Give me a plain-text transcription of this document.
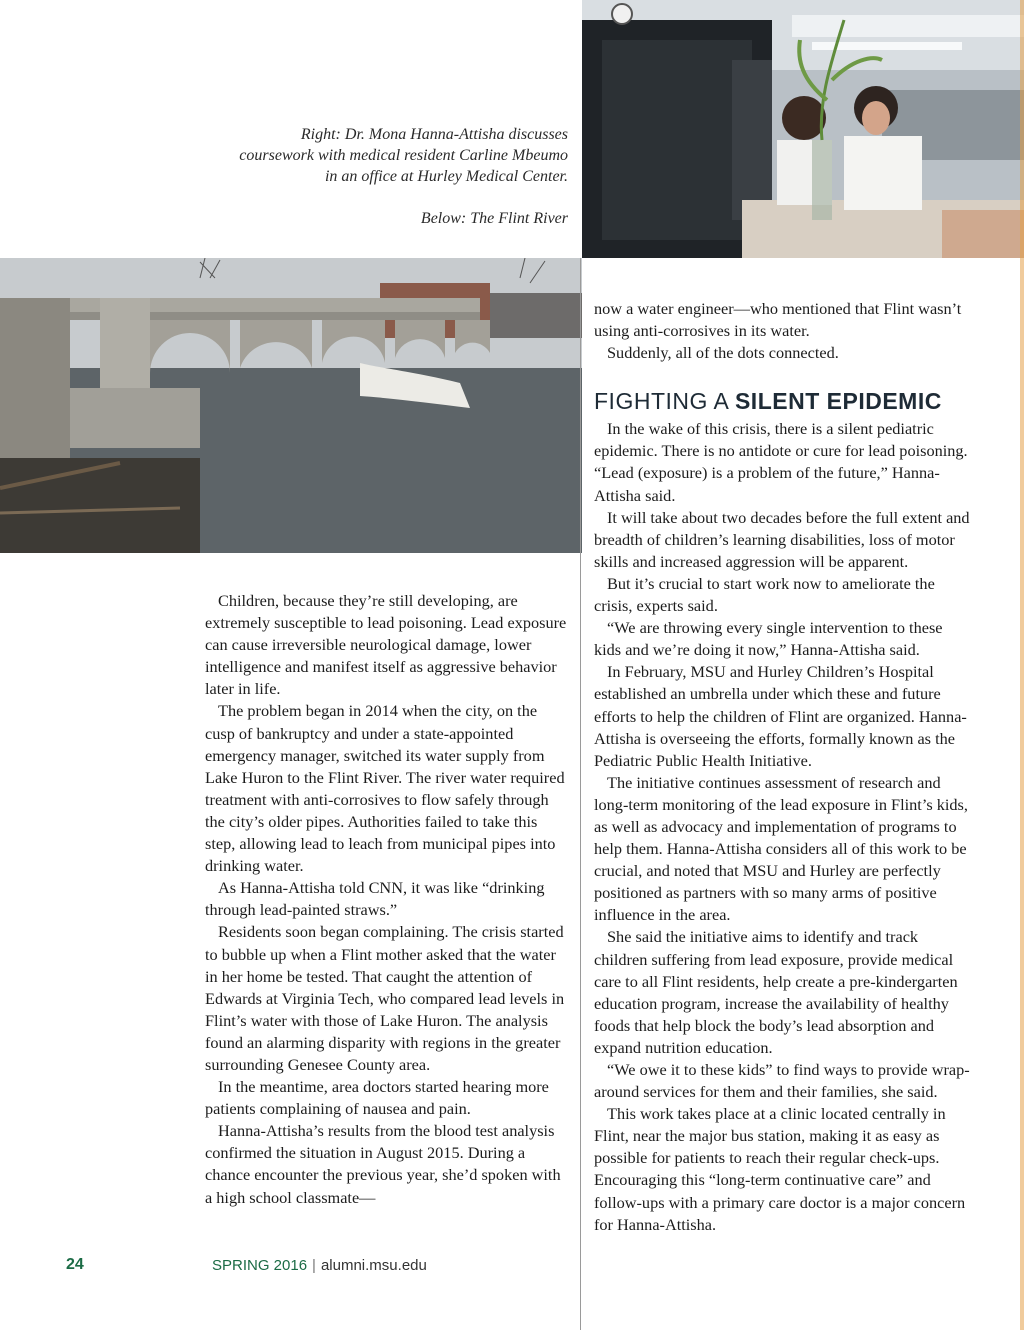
Right: Dr. Mona Hanna-Attisha discusses coursework with medical resident Carline Mbeumo in an office at Hurley Medical Center.

Below: The Flint River

Children, because they’re still developing, are extremely susceptible to lead poisoning. Lead exposure can cause irreversible neurological damage, lower intelligence and manifest itself as aggressive behavior later in life.

The problem began in 2014 when the city, on the cusp of bankruptcy and under a state-appointed emergency manager, switched its water supply from Lake Huron to the Flint River. The river water required treatment with anti-corrosives to flow safely through the city’s older pipes. Authorities failed to take this step, allowing lead to leach from municipal pipes into drinking water.

As Hanna-Attisha told CNN, it was like “drinking through lead-painted straws.”

Residents soon began complaining. The crisis started to bubble up when a Flint mother asked that the water in her home be tested. That caught the attention of Edwards at Virginia Tech, who compared lead levels in Flint’s water with those of Lake Huron. The analysis found an alarming disparity with regions in the greater surrounding Genesee County area.

In the meantime, area doctors started hearing more patients complaining of nausea and pain.

Hanna-Attisha’s results from the blood test analysis confirmed the situation in August 2015. During a chance encounter the previous year, she’d spoken with a high school classmate—

now a water engineer—who mentioned that Flint wasn’t using anti-corrosives in its water.

Suddenly, all of the dots connected.

FIGHTING A SILENT EPIDEMIC

In the wake of this crisis, there is a silent pediatric epidemic. There is no antidote or cure for lead poisoning. “Lead (exposure) is a problem of the future,” Hanna-Attisha said.

It will take about two decades before the full extent and breadth of children’s learning disabilities, loss of motor skills and increased aggression will be apparent.

But it’s crucial to start work now to ameliorate the crisis, experts said.

“We are throwing every single intervention to these kids and we’re doing it now,” Hanna-Attisha said.

In February, MSU and Hurley Children’s Hospital established an umbrella under which these and future efforts to help the children of Flint are organized. Hanna-Attisha is overseeing the efforts, formally known as the Pediatric Public Health Initiative.

The initiative continues assessment of research and long-term monitoring of the lead exposure in Flint’s kids, as well as advocacy and implementation of programs to help them. Hanna-Attisha considers all of this work to be crucial, and noted that MSU and Hurley are perfectly positioned as partners with so many arms of positive influence in the area.

She said the initiative aims to identify and track children suffering from lead exposure, provide medical care to all Flint residents, help create a pre-kindergarten education program, increase the availability of healthy foods that help block the body’s lead absorption and expand nutrition education.

“We owe it to these kids” to find ways to provide wrap-around services for them and their families, she said.

This work takes place at a clinic located centrally in Flint, near the major bus station, making it as easy as possible for patients to reach their regular check-ups. Encouraging this “long-term continuative care” and follow-ups with a primary care doctor is a major concern for Hanna-Attisha.

24	SPRING 2016 | alumni.msu.edu
